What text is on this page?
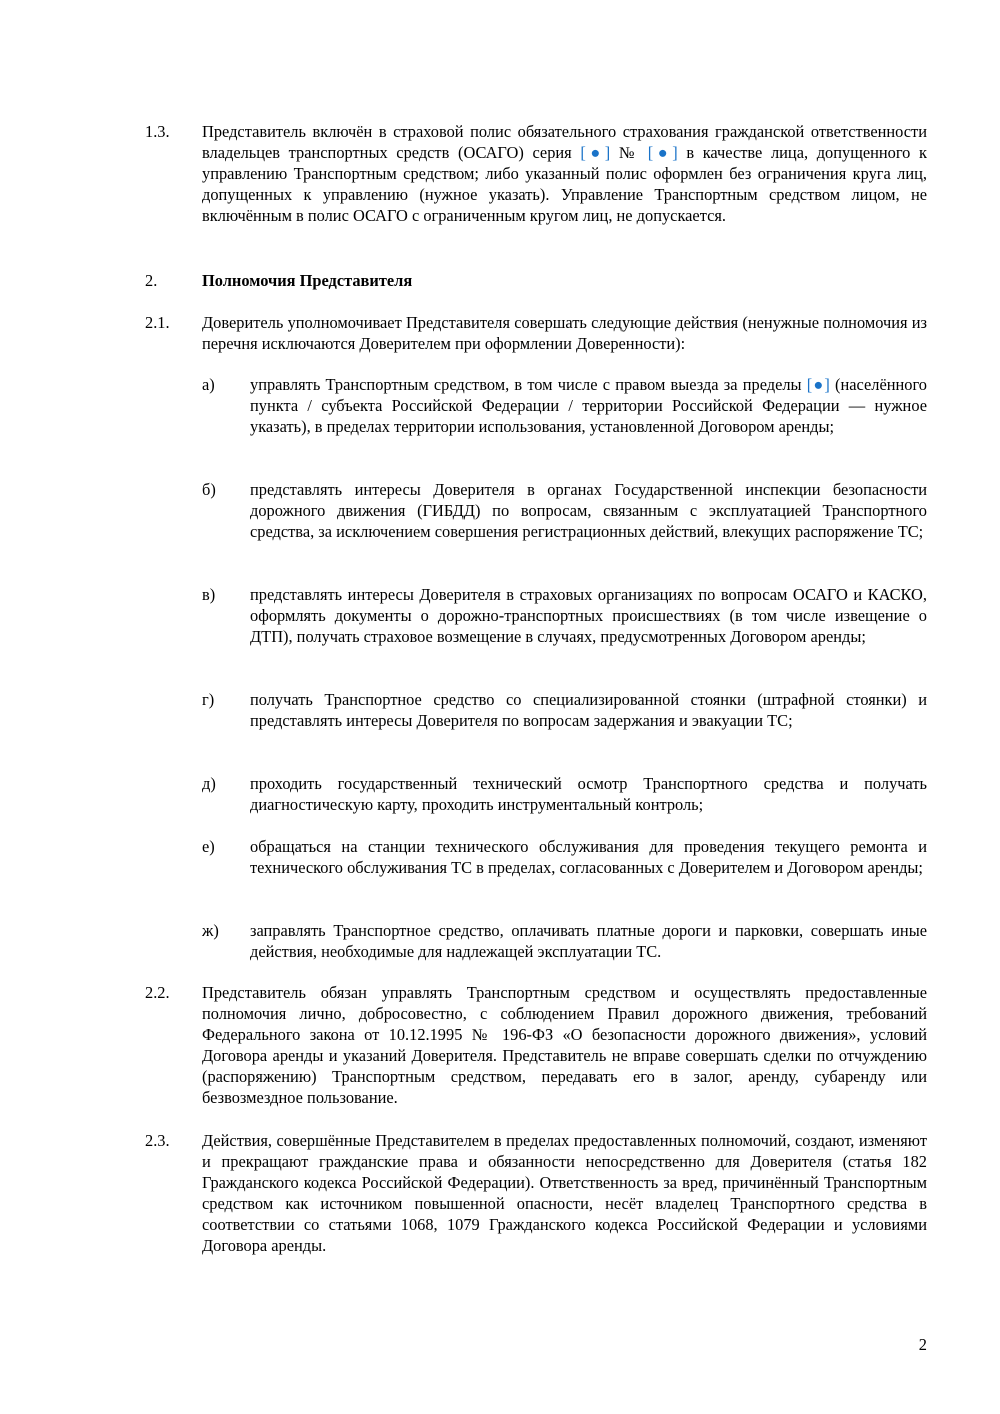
1.3. Представитель включён в страховой полис обязательного страхования гражданской ответственности владельцев транспортных средств (ОСАГО) серия [●] № [●] в качестве лица, допущенного к управлению Транспортным средством; либо указанный полис оформлен без ограничения круга лиц, допущенных к управлению (нужное указать). Управление Транспортным средством лицом, не включённым в полис ОСАГО с ограниченным кругом лиц, не допускается.
2.	Полномочия Представителя
2.1. Доверитель уполномочивает Представителя совершать следующие действия (ненужные полномочия из перечня исключаются Доверителем при оформлении Доверенности):
а) управлять Транспортным средством, в том числе с правом выезда за пределы [●] (населённого пункта / субъекта Российской Федерации / территории Российской Федерации — нужное указать), в пределах территории использования, установленной Договором аренды;
б) представлять интересы Доверителя в органах Государственной инспекции безопасности дорожного движения (ГИБДД) по вопросам, связанным с эксплуатацией Транспортного средства, за исключением совершения регистрационных действий, влекущих распоряжение ТС;
в) представлять интересы Доверителя в страховых организациях по вопросам ОСАГО и КАСКО, оформлять документы о дорожно-транспортных происшествиях (в том числе извещение о ДТП), получать страховое возмещение в случаях, предусмотренных Договором аренды;
г) получать Транспортное средство со специализированной стоянки (штрафной стоянки) и представлять интересы Доверителя по вопросам задержания и эвакуации ТС;
д) проходить государственный технический осмотр Транспортного средства и получать диагностическую карту, проходить инструментальный контроль;
е) обращаться на станции технического обслуживания для проведения текущего ремонта и технического обслуживания ТС в пределах, согласованных с Доверителем и Договором аренды;
ж) заправлять Транспортное средство, оплачивать платные дороги и парковки, совершать иные действия, необходимые для надлежащей эксплуатации ТС.
2.2. Представитель обязан управлять Транспортным средством и осуществлять предоставленные полномочия лично, добросовестно, с соблюдением Правил дорожного движения, требований Федерального закона от 10.12.1995 № 196-ФЗ «О безопасности дорожного движения», условий Договора аренды и указаний Доверителя. Представитель не вправе совершать сделки по отчуждению (распоряжению) Транспортным средством, передавать его в залог, аренду, субаренду или безвозмездное пользование.
2.3. Действия, совершённые Представителем в пределах предоставленных полномочий, создают, изменяют и прекращают гражданские права и обязанности непосредственно для Доверителя (статья 182 Гражданского кодекса Российской Федерации). Ответственность за вред, причинённый Транспортным средством как источником повышенной опасности, несёт владелец Транспортного средства в соответствии со статьями 1068, 1079 Гражданского кодекса Российской Федерации и условиями Договора аренды.
2
